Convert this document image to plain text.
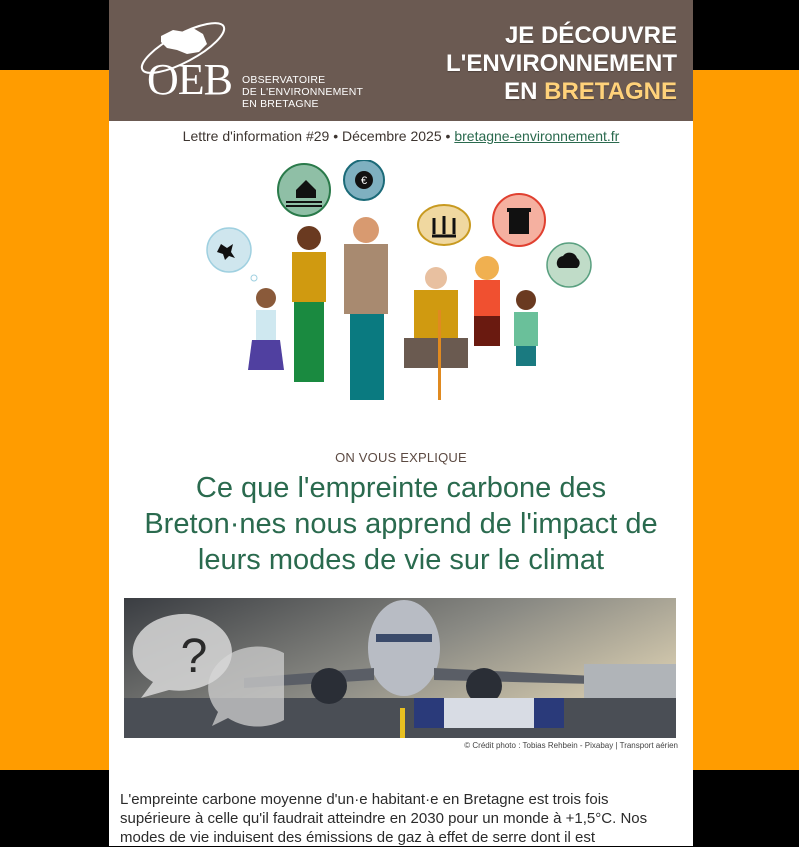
OEB OBSERVATOIRE
DE L'ENVIRONNEMENT
EN BRETAGNE
JE DÉCOUVRE
L'ENVIRONNEMENT
EN BRETAGNE
Lettre d'information #29 • Décembre 2025 • bretagne-environnement.fr
€
ON VOUS EXPLIQUE
Ce que l'empreinte carbone des Breton·nes nous apprend de l'impact de leurs modes de vie sur le climat
?
© Crédit photo : Tobias Rehbein - Pixabay | Transport aérien
L'empreinte carbone moyenne d'un·e habitant·e en Bretagne est trois fois supérieure à celle qu'il faudrait atteindre en 2030 pour un monde à +1,5°C. Nos modes de vie induisent des émissions de gaz à effet de serre dont il est
